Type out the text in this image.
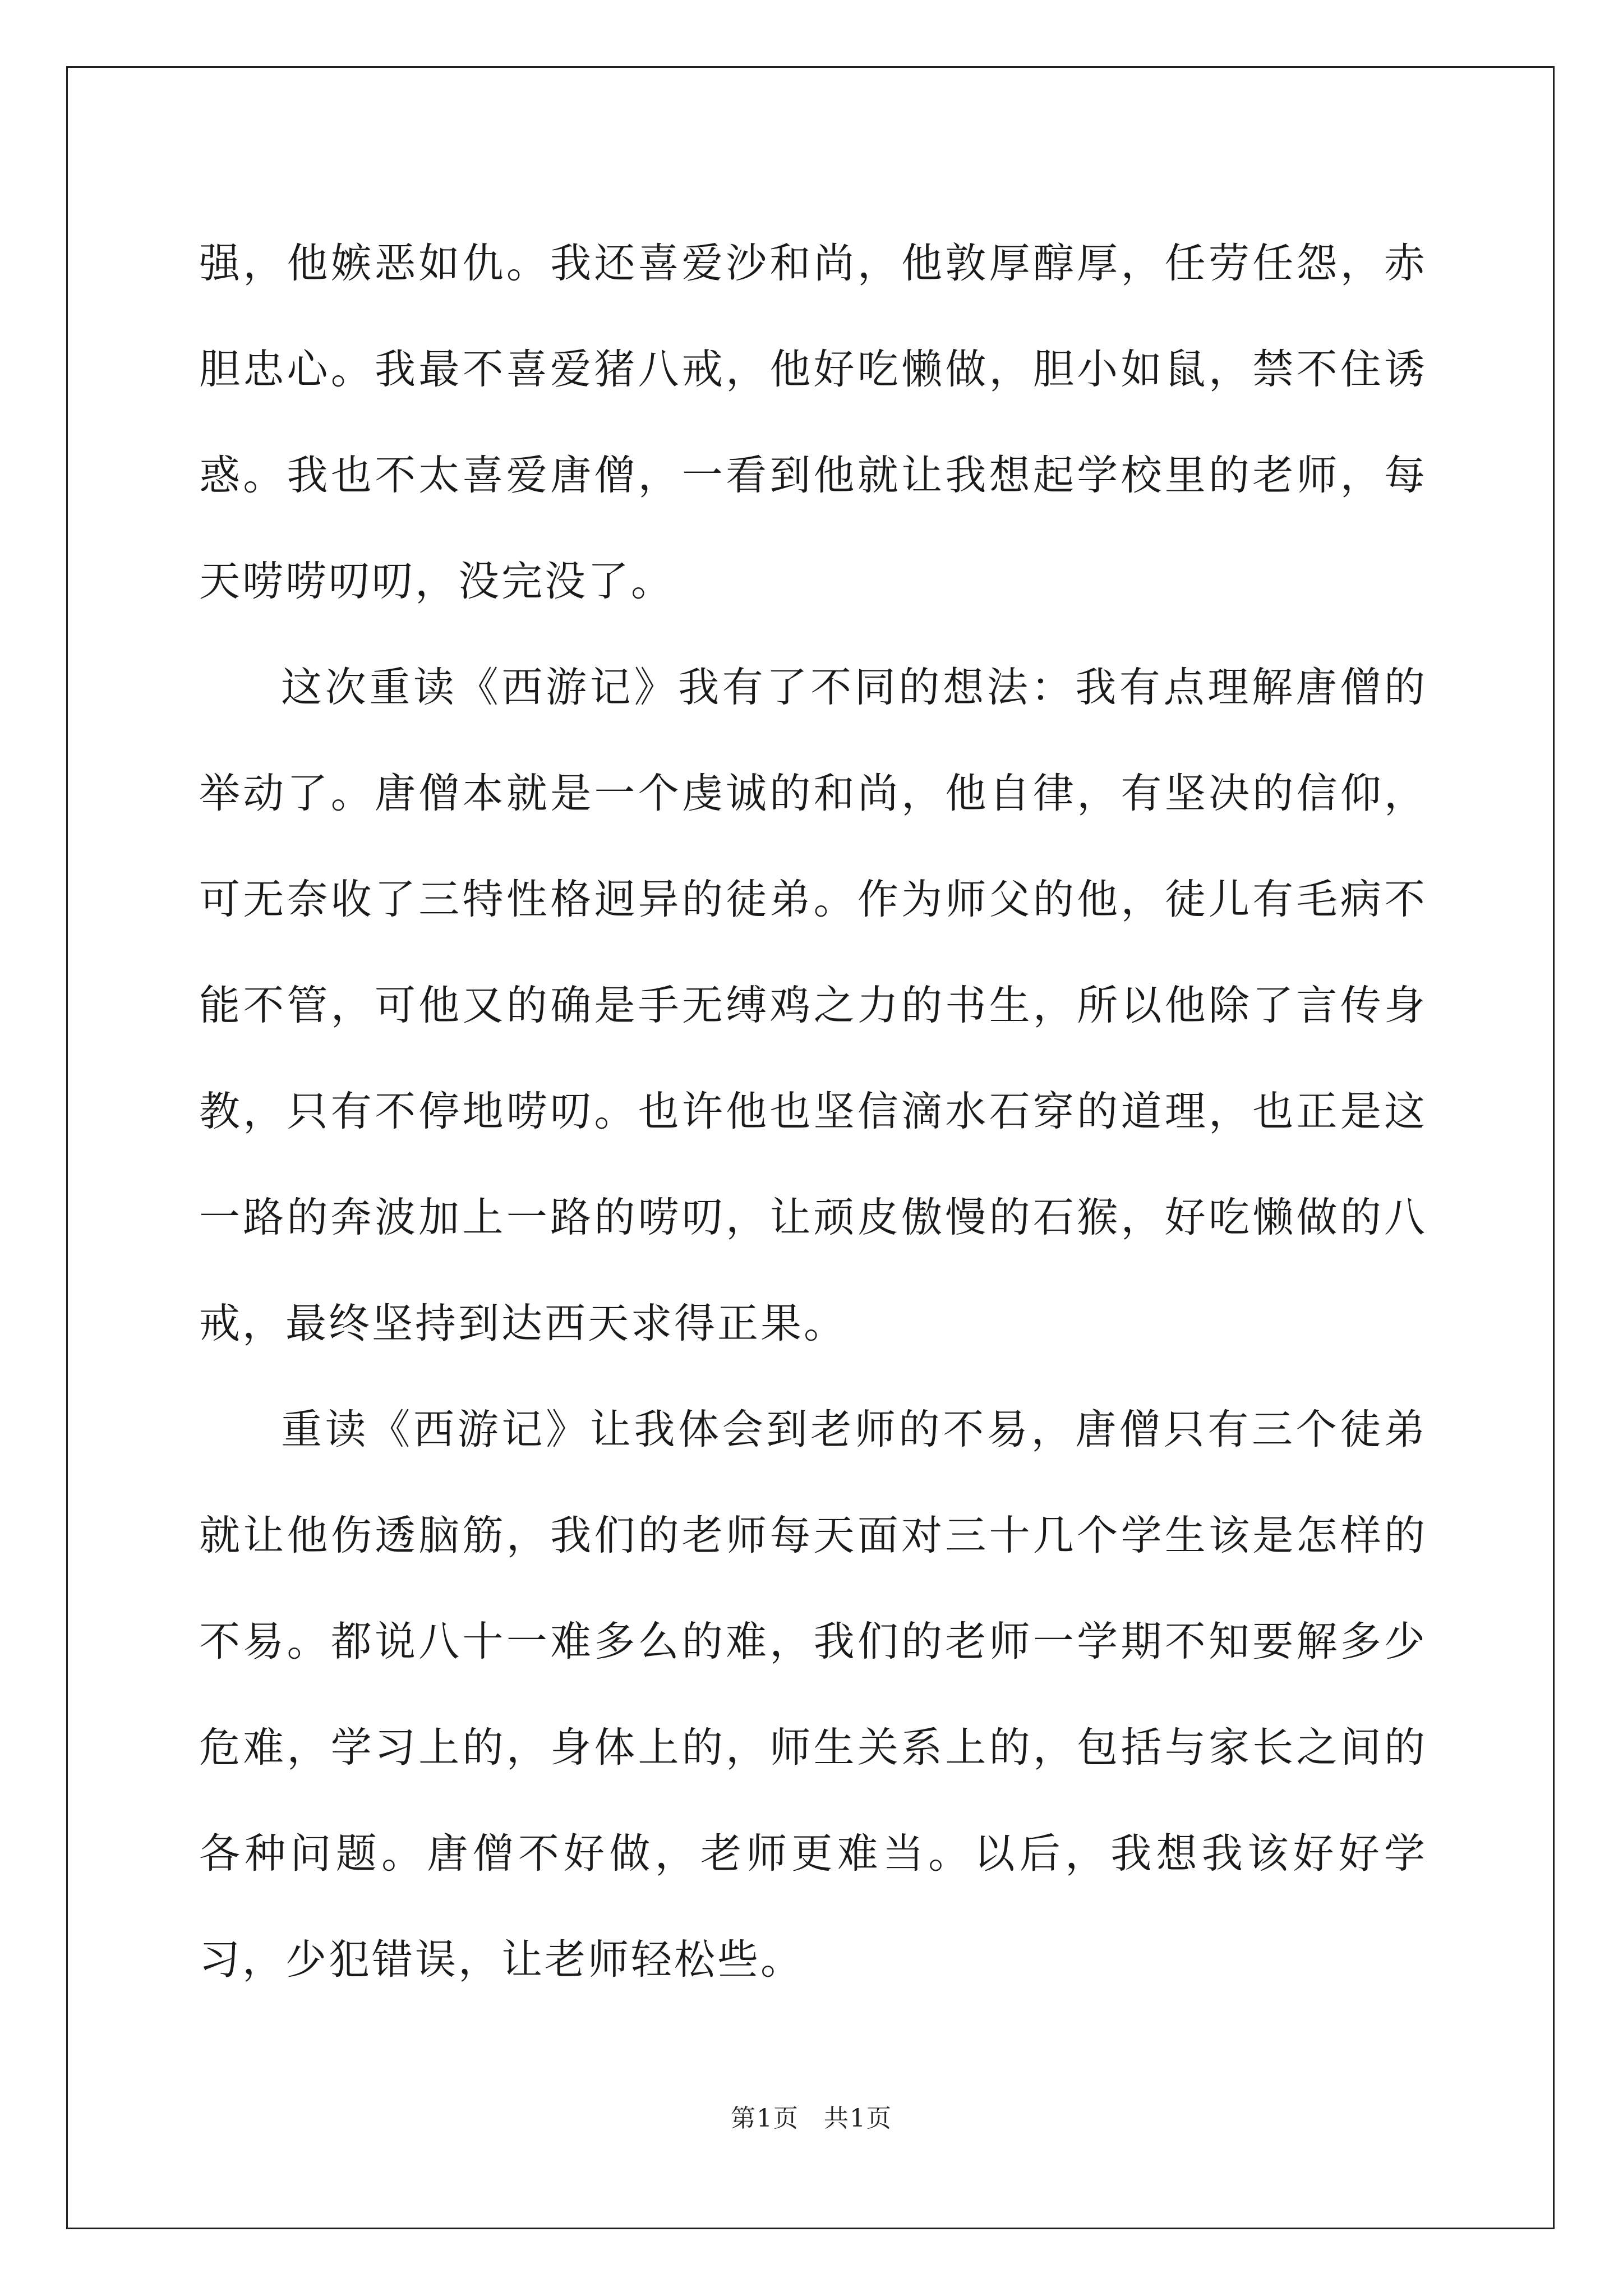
强，他嫉恶如仇。我还喜爱沙和尚，他敦厚醇厚，任劳任怨，赤胆忠心。我最不喜爱猪八戒，他好吃懒做，胆小如鼠，禁不住诱惑。我也不太喜爱唐僧，一看到他就让我想起学校里的老师，每天唠唠叨叨，没完没了。

这次重读《西游记》我有了不同的想法：我有点理解唐僧的举动了。唐僧本就是一个虔诚的和尚，他自律，有坚决的信仰，可无奈收了三特性格迥异的徒弟。作为师父的他，徒儿有毛病不能不管，可他又的确是手无缚鸡之力的书生，所以他除了言传身教，只有不停地唠叨。也许他也坚信滴水石穿的道理，也正是这一路的奔波加上一路的唠叨，让顽皮傲慢的石猴，好吃懒做的八戒，最终坚持到达西天求得正果。

重读《西游记》让我体会到老师的不易，唐僧只有三个徒弟就让他伤透脑筋，我们的老师每天面对三十几个学生该是怎样的不易。都说八十一难多么的难，我们的老师一学期不知要解多少危难，学习上的，身体上的，师生关系上的，包括与家长之间的各种问题。唐僧不好做，老师更难当。以后，我想我该好好学习，少犯错误，让老师轻松些。

第1页 共1页
